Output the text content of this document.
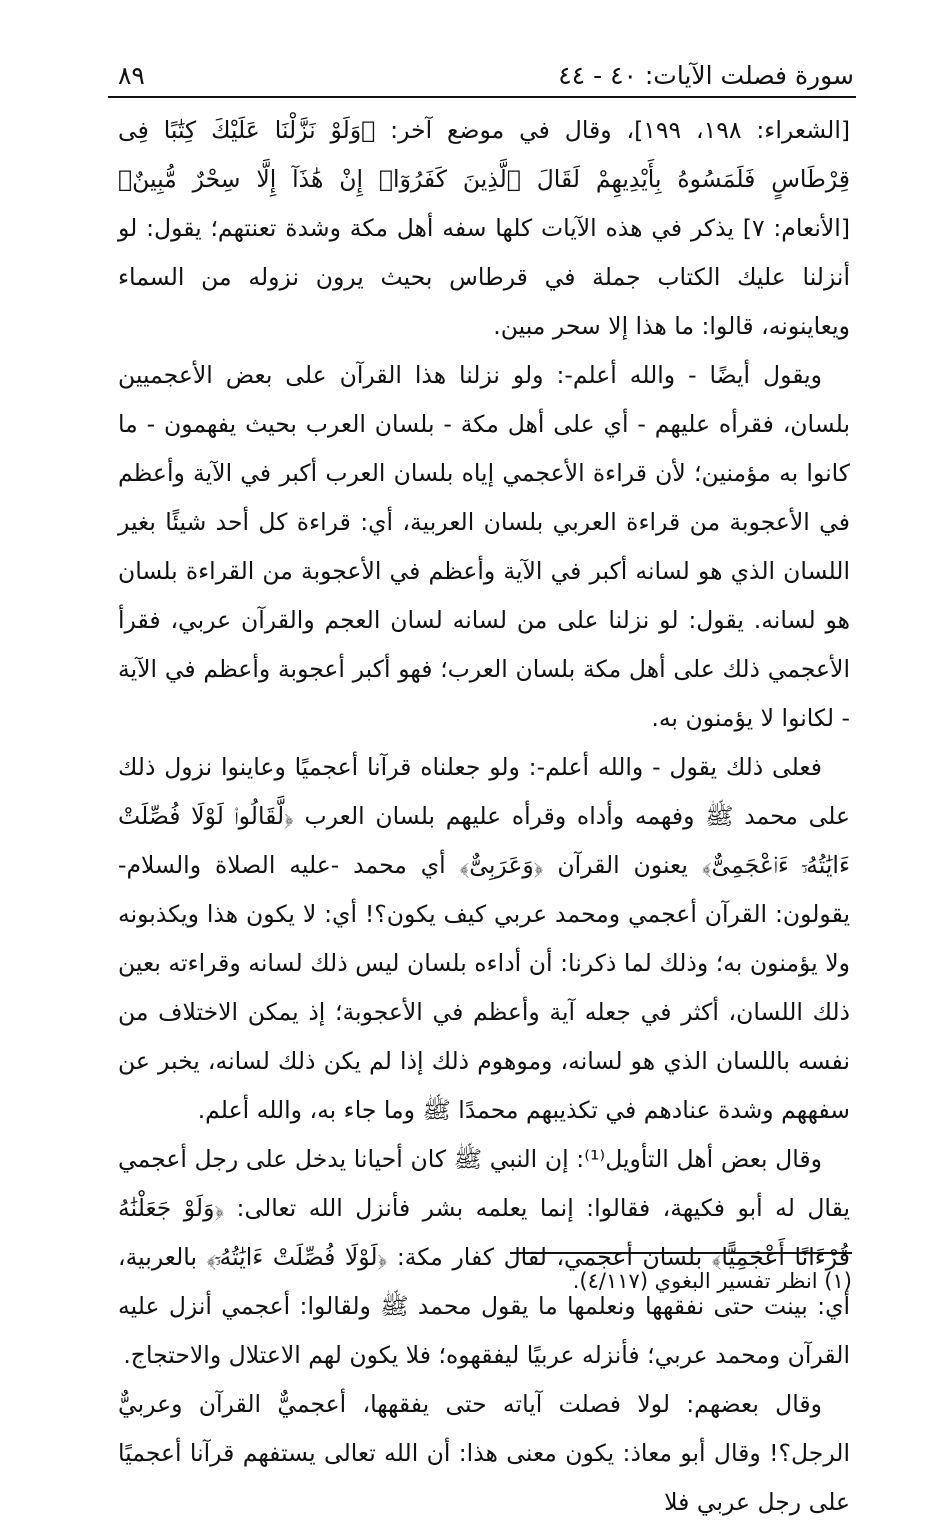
سورة فصلت الآيات: ٤٠ - ٤٤
٨٩

[الشعراء: ١٩٨، ١٩٩]، وقال في موضع آخر: ﴿وَلَوْ نَزَّلْنَا عَلَيْكَ كِتَٰبًا فِى قِرْطَاسٍ فَلَمَسُوهُ بِأَيْدِيهِمْ لَقَالَ ٱلَّذِينَ كَفَرُوٓا۟ إِنْ هَٰذَآ إِلَّا سِحْرٌ مُّبِينٌ﴾ [الأنعام: ٧] يذكر في هذه الآيات كلها سفه أهل مكة وشدة تعنتهم؛ يقول: لو أنزلنا عليك الكتاب جملة في قرطاس بحيث يرون نزوله من السماء ويعاينونه، قالوا: ما هذا إلا سحر مبين.

ويقول أيضًا - والله أعلم-: ولو نزلنا هذا القرآن على بعض الأعجميين بلسان، فقرأه عليهم - أي على أهل مكة - بلسان العرب بحيث يفهمون - ما كانوا به مؤمنين؛ لأن قراءة الأعجمي إياه بلسان العرب أكبر في الآية وأعظم في الأعجوبة من قراءة العربي بلسان العربية، أي: قراءة كل أحد شيئًا بغير اللسان الذي هو لسانه أكبر في الآية وأعظم في الأعجوبة من القراءة بلسان هو لسانه. يقول: لو نزلنا على من لسانه لسان العجم والقرآن عربي، فقرأ الأعجمي ذلك على أهل مكة بلسان العرب؛ فهو أكبر أعجوبة وأعظم في الآية - لكانوا لا يؤمنون به.

فعلى ذلك يقول - والله أعلم-: ولو جعلناه قرآنا أعجميًا وعاينوا نزول ذلك على محمد ﷺ وفهمه وأداه وقرأه عليهم بلسان العرب ﴿لَّقَالُوا۟ لَوْلَا فُصِّلَتْ ءَايَٰتُهُۥٓ ءَا۬عْجَمِىٌّ﴾ يعنون القرآن ﴿وَعَرَبِىٌّ﴾ أي محمد -عليه الصلاة والسلام- يقولون: القرآن أعجمي ومحمد عربي كيف يكون؟! أي: لا يكون هذا ويكذبونه ولا يؤمنون به؛ وذلك لما ذكرنا: أن أداءه بلسان ليس ذلك لسانه وقراءته بعين ذلك اللسان، أكثر في جعله آية وأعظم في الأعجوبة؛ إذ يمكن الاختلاف من نفسه باللسان الذي هو لسانه، وموهوم ذلك إذا لم يكن ذلك لسانه، يخبر عن سفههم وشدة عنادهم في تكذيبهم محمدًا ﷺ وما جاء به، والله أعلم.

وقال بعض أهل التأويل⁽¹⁾: إن النبي ﷺ كان أحيانا يدخل على رجل أعجمي يقال له أبو فكيهة، فقالوا: إنما يعلمه بشر فأنزل الله تعالى: ﴿وَلَوْ جَعَلْنَٰهُ قُرْءَانًا أَعْجَمِيًّا﴾ بلسان أعجمي، لقال كفار مكة: ﴿لَوْلَا فُصِّلَتْ ءَايَٰتُهُۥٓ﴾ بالعربية، أي: بينت حتى نفقهها ونعلمها ما يقول محمد ﷺ ولقالوا: أعجمي أنزل عليه القرآن ومحمد عربي؛ فأنزله عربيًا ليفقهوه؛ فلا يكون لهم الاعتلال والاحتجاج.

وقال بعضهم: لولا فصلت آياته حتى يفقهها، أعجميٌّ القرآن وعربيٌّ الرجل؟! وقال أبو معاذ: يكون معنى هذا: أن الله تعالى يستفهم قرآنا أعجميًا على رجل عربي فلا

(١) انظر تفسير البغوي (٤/١١٧).
